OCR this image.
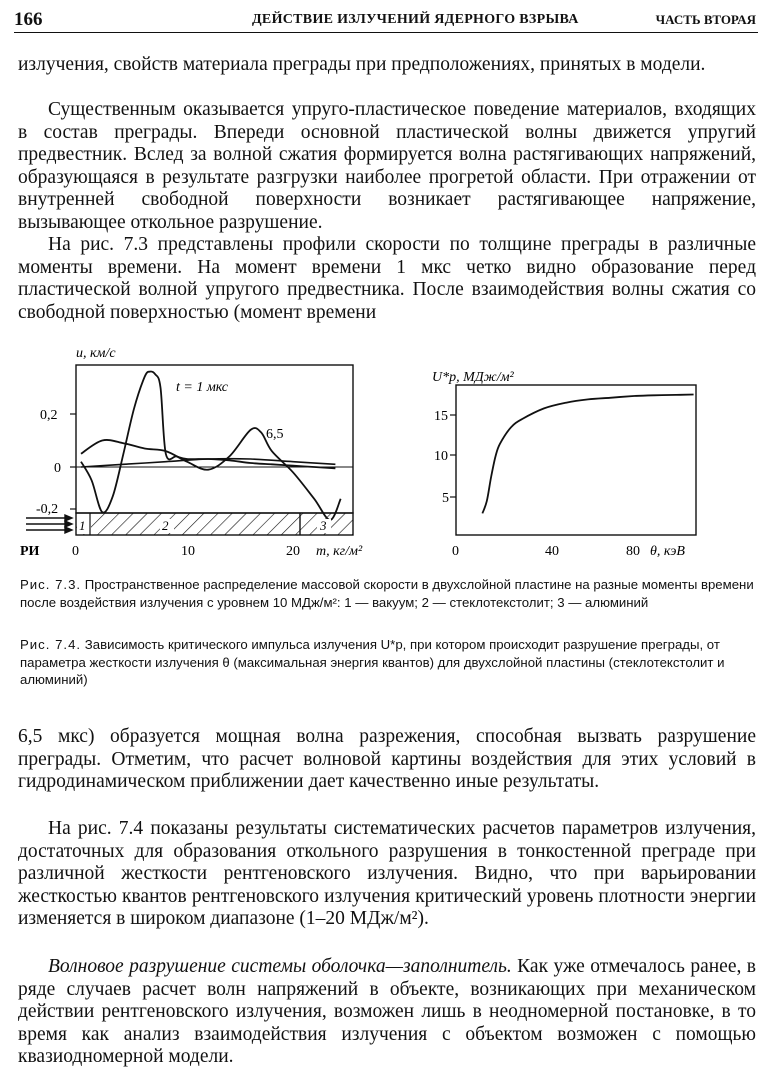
166	ДЕЙСТВИЕ ИЗЛУЧЕНИЙ ЯДЕРНОГО ВЗРЫВА	ЧАСТЬ ВТОРАЯ

излучения, свойств материала преграды при предположениях, принятых в модели.

Существенным оказывается упруго-пластическое поведение материалов, входящих в состав преграды. Впереди основной пластической волны движется упругий предвестник. Вслед за волной сжатия формируется волна растягивающих напряжений, образующаяся в результате разгрузки наиболее прогретой области. При отражении от внутренней свободной поверхности возникает растягивающее напряжение, вызывающее откольное разрушение.

На рис. 7.3 представлены профили скорости по толщине преграды в различные моменты времени. На момент времени 1 мкс четко видно образование перед пластической волной упругого предвестника. После взаимодействия волны сжатия со свободной поверхностью (момент времени

u, км/с
0,2
0
-0,2
t = 1 мкс
6,5
1	2	3
РИ 0	10	20 m, кг/м²
U*p, МДж/м²
15
10
5
0	40	80 θ, кэВ

Рис. 7.3. Пространственное распределение массовой скорости в двухслойной пластине на разные моменты времени после воздействия излучения с уровнем 10 МДж/м²: 1 — вакуум; 2 — стеклотекстолит; 3 — алюминий

Рис. 7.4. Зависимость критического импульса излучения U*p, при котором происходит разрушение преграды, от параметра жесткости излучения θ (максимальная энергия квантов) для двухслойной пластины (стеклотекстолит и алюминий)

6,5 мкс) образуется мощная волна разрежения, способная вызвать разрушение преграды. Отметим, что расчет волновой картины воздействия для этих условий в гидродинамическом приближении дает качественно иные результаты.

На рис. 7.4 показаны результаты систематических расчетов параметров излучения, достаточных для образования откольного разрушения в тонкостенной преграде при различной жесткости рентгеновского излучения. Видно, что при варьировании жесткостью квантов рентгеновского излучения критический уровень плотности энергии изменяется в широком диапазоне (1–20 МДж/м²).

Волновое разрушение системы оболочка—заполнитель. Как уже отмечалось ранее, в ряде случаев расчет волн напряжений в объекте, возникающих при механическом действии рентгеновского излучения, возможен лишь в неодномерной постановке, в то время как анализ взаимодействия излучения с объектом возможен с помощью квазиодномерной модели.
